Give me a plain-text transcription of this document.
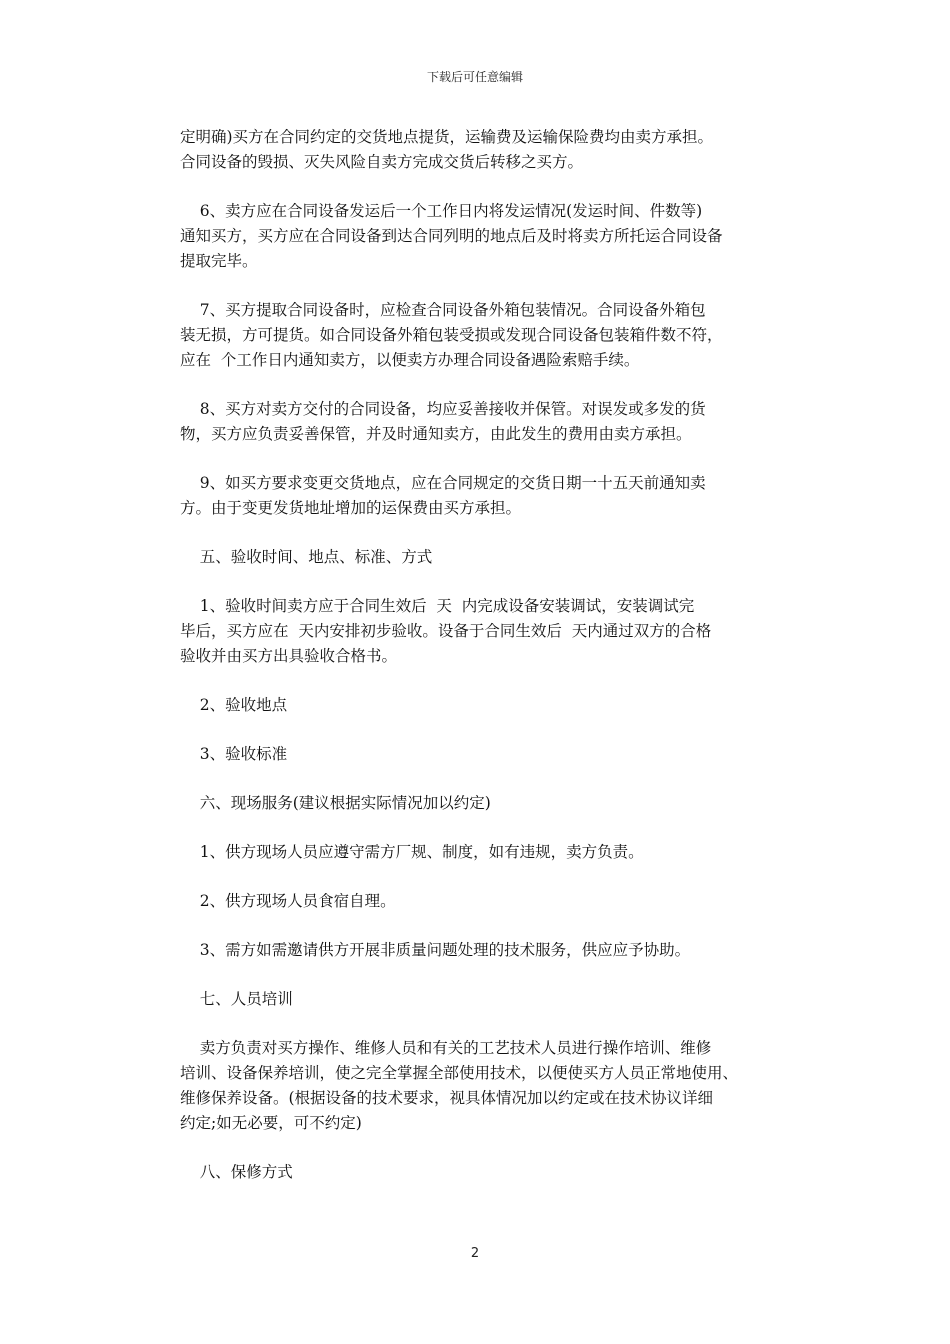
下载后可任意编辑
定明确)买方在合同约定的交货地点提货，运输费及运输保险费均由卖方承担。
合同设备的毁损、灭失风险自卖方完成交货后转移之买方。
6、卖方应在合同设备发运后一个工作日内将发运情况(发运时间、件数等)
通知买方，买方应在合同设备到达合同列明的地点后及时将卖方所托运合同设备
提取完毕。
7、买方提取合同设备时，应检查合同设备外箱包装情况。合同设备外箱包
装无损，方可提货。如合同设备外箱包装受损或发现合同设备包装箱件数不符，
应在  个工作日内通知卖方，以便卖方办理合同设备遇险索赔手续。
8、买方对卖方交付的合同设备，均应妥善接收并保管。对误发或多发的货
物，买方应负责妥善保管，并及时通知卖方，由此发生的费用由卖方承担。
9、如买方要求变更交货地点，应在合同规定的交货日期一十五天前通知卖
方。由于变更发货地址增加的运保费由买方承担。
五、验收时间、地点、标准、方式
1、验收时间卖方应于合同生效后  天  内完成设备安装调试，安装调试完
毕后，买方应在  天内安排初步验收。设备于合同生效后  天内通过双方的合格
验收并由买方出具验收合格书。
2、验收地点
3、验收标准
六、现场服务(建议根据实际情况加以约定)
1、供方现场人员应遵守需方厂规、制度，如有违规，卖方负责。
2、供方现场人员食宿自理。
3、需方如需邀请供方开展非质量问题处理的技术服务，供应应予协助。
七、人员培训
卖方负责对买方操作、维修人员和有关的工艺技术人员进行操作培训、维修
培训、设备保养培训，使之完全掌握全部使用技术，以便使买方人员正常地使用、
维修保养设备。(根据设备的技术要求，视具体情况加以约定或在技术协议详细
约定;如无必要，可不约定)
八、保修方式
2
